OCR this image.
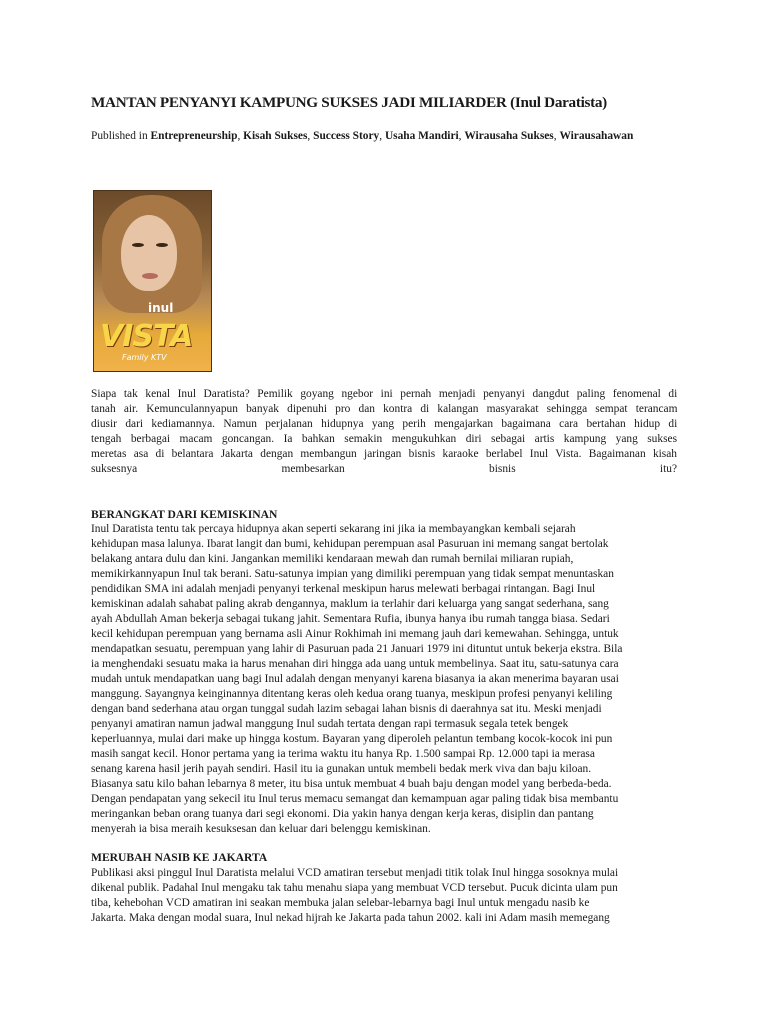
MANTAN PENYANYI KAMPUNG SUKSES JADI MILIARDER (Inul Daratista)
Published in Entrepreneurship, Kisah Sukses, Success Story, Usaha Mandiri, Wirausaha Sukses, Wirausahawan
inul
VISTA
Family KTV
Siapa tak kenal Inul Daratista? Pemilik goyang ngebor ini pernah menjadi penyanyi dangdut paling fenomenal di
tanah air. Kemunculannyapun banyak dipenuhi pro dan kontra di kalangan masyarakat sehingga sempat terancam
diusir dari kediamannya. Namun perjalanan hidupnya yang perih mengajarkan bagaimana cara bertahan hidup di
tengah berbagai macam goncangan. Ia bahkan semakin mengukuhkan diri sebagai artis kampung yang sukses
meretas asa di belantara Jakarta dengan membangun jaringan bisnis karaoke berlabel Inul Vista. Bagaimanan kisah
suksesnya membesarkan bisnis itu?
BERANGKAT DARI KEMISKINAN
Inul Daratista tentu tak percaya hidupnya akan seperti sekarang ini jika ia membayangkan kembali sejarah
kehidupan masa lalunya. Ibarat langit dan bumi, kehidupan perempuan asal Pasuruan ini memang sangat bertolak
belakang antara dulu dan kini. Jangankan memiliki kendaraan mewah dan rumah bernilai miliaran rupiah,
memikirkannyapun Inul tak berani. Satu-satunya impian yang dimiliki perempuan yang tidak sempat menuntaskan
pendidikan SMA ini adalah menjadi penyanyi terkenal meskipun harus melewati berbagai rintangan. Bagi Inul
kemiskinan adalah sahabat paling akrab dengannya, maklum ia terlahir dari keluarga yang sangat sederhana, sang
ayah Abdullah Aman bekerja sebagai tukang jahit. Sementara Rufia, ibunya hanya ibu rumah tangga biasa. Sedari
kecil kehidupan perempuan yang bernama asli Ainur Rokhimah ini memang jauh dari kemewahan. Sehingga, untuk
mendapatkan sesuatu, perempuan yang lahir di Pasuruan pada 21 Januari 1979 ini dituntut untuk bekerja ekstra. Bila
ia menghendaki sesuatu maka ia harus menahan diri hingga ada uang untuk membelinya. Saat itu, satu-satunya cara
mudah untuk mendapatkan uang bagi Inul adalah dengan menyanyi karena biasanya ia akan menerima bayaran usai
manggung. Sayangnya keinginannya ditentang keras oleh kedua orang tuanya, meskipun profesi penyanyi keliling
dengan band sederhana atau organ tunggal sudah lazim sebagai lahan bisnis di daerahnya sat itu. Meski menjadi
penyanyi amatiran namun jadwal manggung Inul sudah tertata dengan rapi termasuk segala tetek bengek
keperluannya, mulai dari make up hingga kostum. Bayaran yang diperoleh pelantun tembang kocok-kocok ini pun
masih sangat kecil. Honor pertama yang ia terima waktu itu hanya Rp. 1.500 sampai Rp. 12.000 tapi ia merasa
senang karena hasil jerih payah sendiri. Hasil itu ia gunakan untuk membeli bedak merk viva dan baju kiloan.
Biasanya satu kilo bahan lebarnya 8 meter, itu bisa untuk membuat 4 buah baju dengan model yang berbeda-beda.
Dengan pendapatan yang sekecil itu Inul terus memacu semangat dan kemampuan agar paling tidak bisa membantu
meringankan beban orang tuanya dari segi ekonomi. Dia yakin hanya dengan kerja keras, disiplin dan pantang
menyerah ia bisa meraih kesuksesan dan keluar dari belenggu kemiskinan.
MERUBAH NASIB KE JAKARTA
Publikasi aksi pinggul Inul Daratista melalui VCD amatiran tersebut menjadi titik tolak Inul hingga sosoknya mulai
dikenal publik. Padahal Inul mengaku tak tahu menahu siapa yang membuat VCD tersebut. Pucuk dicinta ulam pun
tiba, kehebohan VCD amatiran ini seakan membuka jalan selebar-lebarnya bagi Inul untuk mengadu nasib ke
Jakarta. Maka dengan modal suara, Inul nekad hijrah ke Jakarta pada tahun 2002. kali ini Adam masih memegang
